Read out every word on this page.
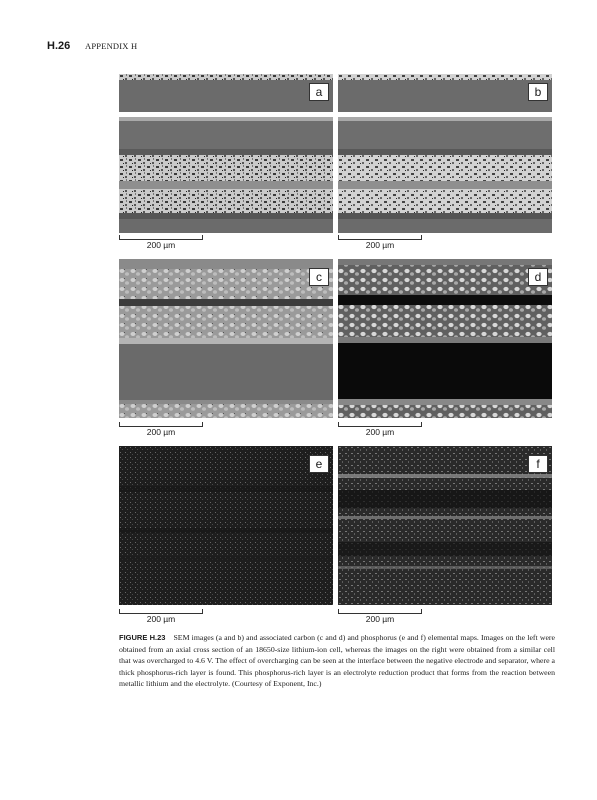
H.26 APPENDIX H
a	b
200 µm	200 µm
c	d
200 µm	200 µm
e	f
200 µm	200 µm
FIGURE H.23 SEM images (a and b) and associated carbon (c and d) and phosphorus (e and f) elemental maps. Images on the left were obtained from an axial cross section of an 18650-size lithium-ion cell, whereas the images on the right were obtained from a similar cell that was overcharged to 4.6 V. The effect of overcharging can be seen at the interface between the negative electrode and separator, where a thick phosphorus-rich layer is found. This phosphorus-rich layer is an electrolyte reduction product that forms from the reaction between metallic lithium and the electrolyte. (Courtesy of Exponent, Inc.)
